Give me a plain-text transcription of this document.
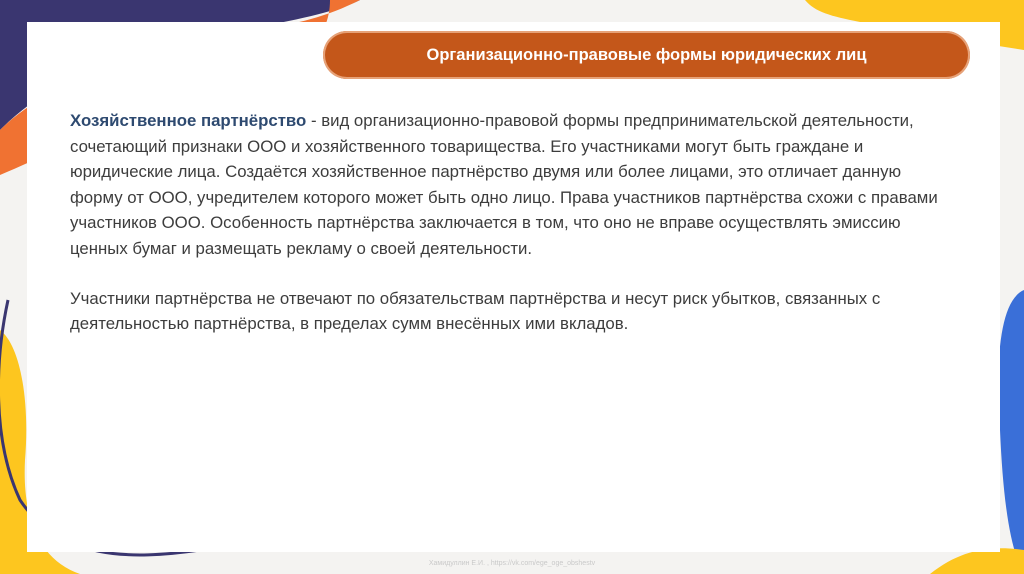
Организационно-правовые формы юридических лиц

Хозяйственное партнёрство - вид организационно-правовой формы предпринимательской деятельности, сочетающий признаки ООО и хозяйственного товарищества. Его участниками могут быть граждане и юридические лица. Создаётся хозяйственное партнёрство двумя или более лицами, это отличает данную форму от ООО, учредителем которого может быть одно лицо. Права участников партнёрства схожи с правами участников ООО. Особенность партнёрства заключается в том, что оно не вправе осуществлять эмиссию ценных бумаг и размещать рекламу о своей деятельности.

Участники партнёрства не отвечают по обязательствам партнёрства и несут риск убытков, связанных с деятельностью партнёрства, в пределах сумм внесённых ими вкладов.

Хамидуллин Е.И. , https://vk.com/ege_oge_obshestv
